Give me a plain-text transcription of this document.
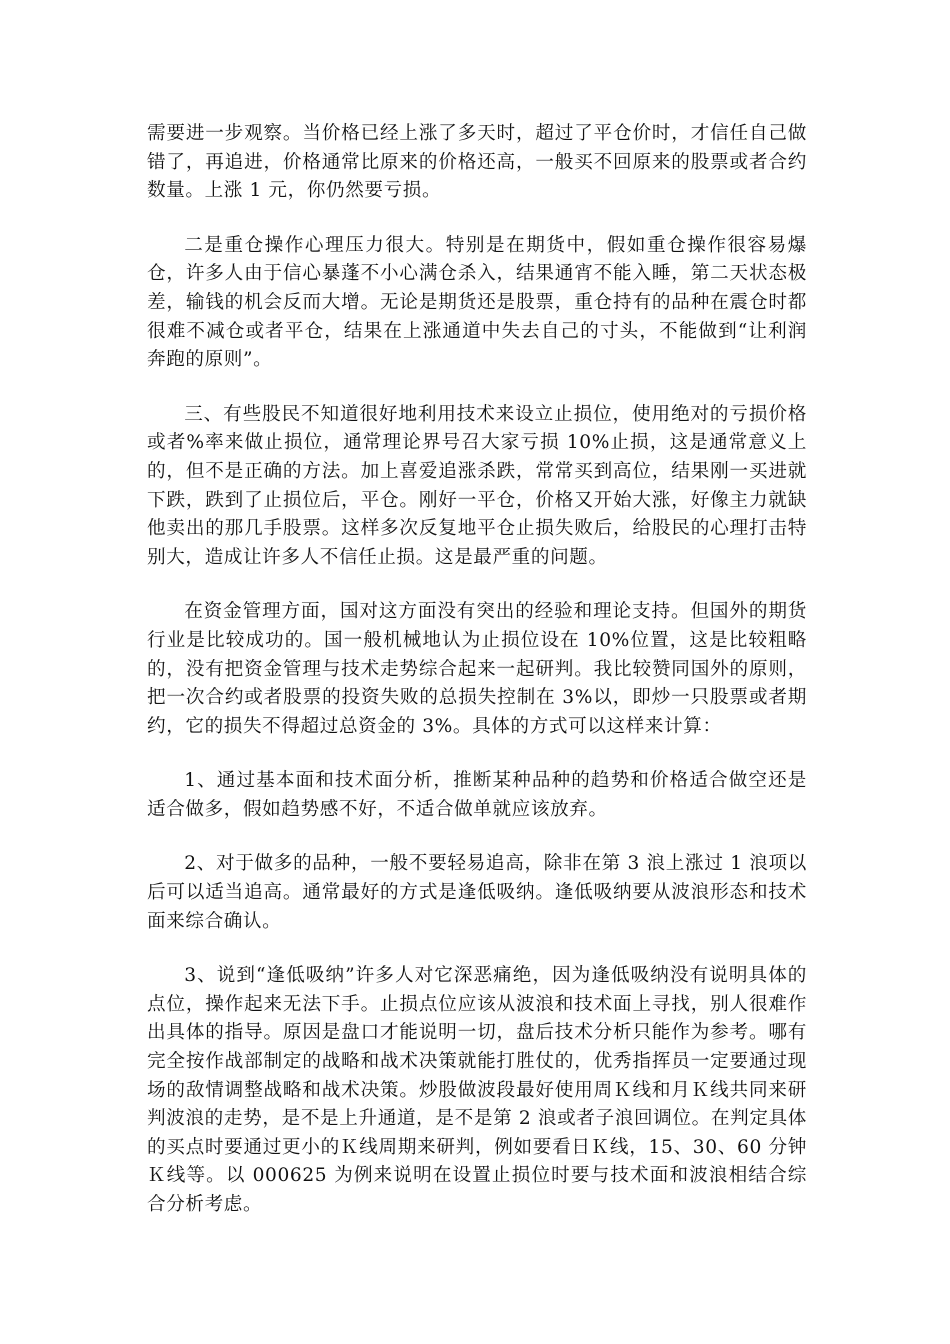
需要进一步观察。当价格已经上涨了多天时，超过了平仓价时，才信任自己做错了，再追进，价格通常比原来的价格还高，一般买不回原来的股票或者合约数量。上涨 1 元，你仍然要亏损。

二是重仓操作心理压力很大。特别是在期货中，假如重仓操作很容易爆仓，许多人由于信心暴蓬不小心满仓杀入，结果通宵不能入睡，第二天状态极差，输钱的机会反而大增。无论是期货还是股票，重仓持有的品种在震仓时都很难不减仓或者平仓，结果在上涨通道中失去自己的寸头，不能做到“让利润奔跑的原则”。

三、有些股民不知道很好地利用技术来设立止损位，使用绝对的亏损价格或者%率来做止损位，通常理论界号召大家亏损 10%止损，这是通常意义上的，但不是正确的方法。加上喜爱追涨杀跌，常常买到高位，结果刚一买进就下跌，跌到了止损位后，平仓。刚好一平仓，价格又开始大涨，好像主力就缺他卖出的那几手股票。这样多次反复地平仓止损失败后，给股民的心理打击特别大，造成让许多人不信任止损。这是最严重的问题。

在资金管理方面，国对这方面没有突出的经验和理论支持。但国外的期货行业是比较成功的。国一般机械地认为止损位设在 10%位置，这是比较粗略的，没有把资金管理与技术走势综合起来一起研判。我比较赞同国外的原则，把一次合约或者股票的投资失败的总损失控制在 3%以，即炒一只股票或者期约，它的损失不得超过总资金的 3%。具体的方式可以这样来计算：

1、通过基本面和技术面分析，推断某种品种的趋势和价格适合做空还是适合做多，假如趋势感不好，不适合做单就应该放弃。

2、对于做多的品种，一般不要轻易追高，除非在第 3 浪上涨过 1 浪项以后可以适当追高。通常最好的方式是逢低吸纳。逢低吸纳要从波浪形态和技术面来综合确认。

3、说到“逢低吸纳”许多人对它深恶痛绝，因为逢低吸纳没有说明具体的点位，操作起来无法下手。止损点位应该从波浪和技术面上寻找，别人很难作出具体的指导。原因是盘口才能说明一切，盘后技术分析只能作为参考。哪有完全按作战部制定的战略和战术决策就能打胜仗的，优秀指挥员一定要通过现场的敌情调整战略和战术决策。炒股做波段最好使用周Ｋ线和月Ｋ线共同来研判波浪的走势，是不是上升通道，是不是第 2 浪或者子浪回调位。在判定具体的买点时要通过更小的Ｋ线周期来研判，例如要看日Ｋ线，15、30、60 分钟Ｋ线等。以 000625 为例来说明在设置止损位时要与技术面和波浪相结合综合分析考虑。
